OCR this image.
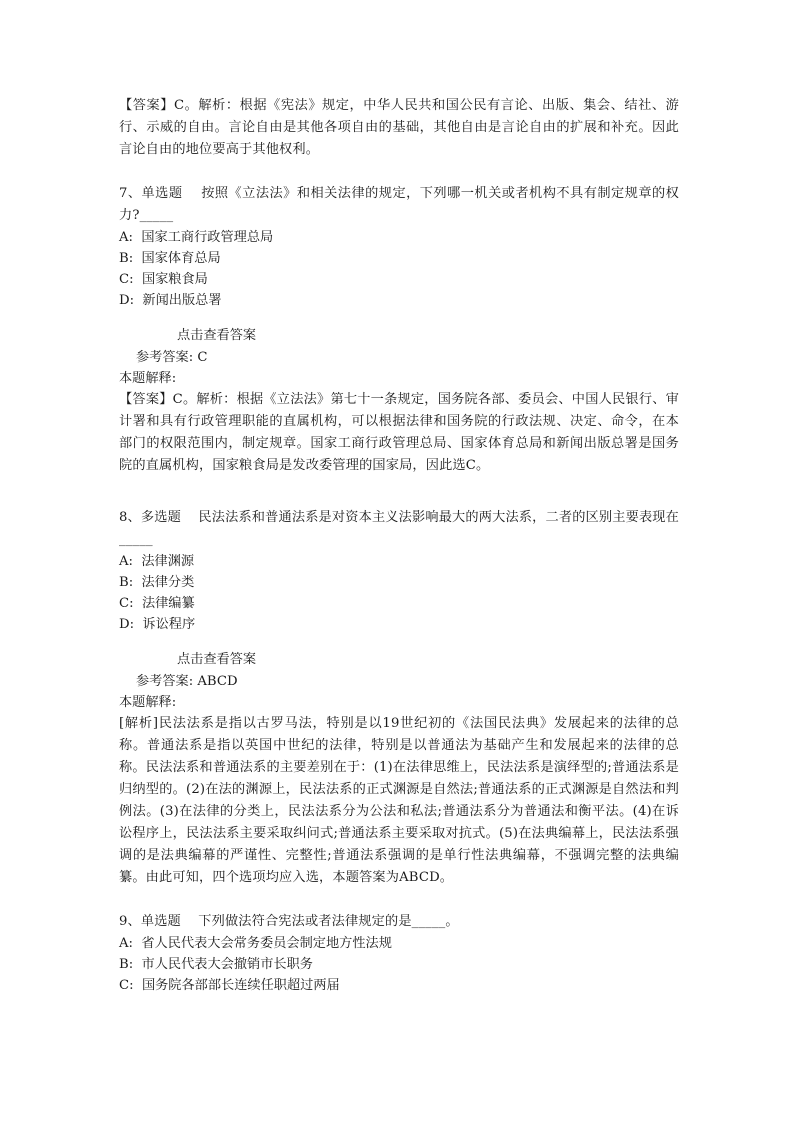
【答案】C。解析：根据《宪法》规定，中华人民共和国公民有言论、出版、集会、结社、游行、示威的自由。言论自由是其他各项自由的基础，其他自由是言论自由的扩展和补充。因此言论自由的地位要高于其他权利。

7、单选题 按照《立法法》和相关法律的规定，下列哪一机关或者机构不具有制定规章的权力?_____

A: 国家工商行政管理总局

B: 国家体育总局

C: 国家粮食局

D: 新闻出版总署

点击查看答案

参考答案: C

本题解释:

【答案】C。解析：根据《立法法》第七十一条规定，国务院各部、委员会、中国人民银行、审计署和具有行政管理职能的直属机构，可以根据法律和国务院的行政法规、决定、命令，在本部门的权限范围内，制定规章。国家工商行政管理总局、国家体育总局和新闻出版总署是国务院的直属机构，国家粮食局是发改委管理的国家局，因此选C。

8、多选题 民法法系和普通法系是对资本主义法影响最大的两大法系，二者的区别主要表现在_____

A: 法律渊源

B: 法律分类

C: 法律编纂

D: 诉讼程序

点击查看答案

参考答案: ABCD

本题解释:

[解析]民法法系是指以古罗马法，特别是以19世纪初的《法国民法典》发展起来的法律的总称。普通法系是指以英国中世纪的法律，特别是以普通法为基础产生和发展起来的法律的总称。民法法系和普通法系的主要差别在于：(1)在法律思维上，民法法系是演绎型的;普通法系是归纳型的。(2)在法的渊源上，民法法系的正式渊源是自然法;普通法系的正式渊源是自然法和判例法。(3)在法律的分类上，民法法系分为公法和私法;普通法系分为普通法和衡平法。(4)在诉讼程序上，民法法系主要采取纠问式;普通法系主要采取对抗式。(5)在法典编幕上，民法法系强调的是法典编幕的严谨性、完整性;普通法系强调的是单行性法典编幕，不强调完整的法典编纂。由此可知，四个选项均应入选，本题答案为ABCD。

9、单选题 下列做法符合宪法或者法律规定的是_____。

A: 省人民代表大会常务委员会制定地方性法规

B: 市人民代表大会撤销市长职务

C: 国务院各部部长连续任职超过两届
